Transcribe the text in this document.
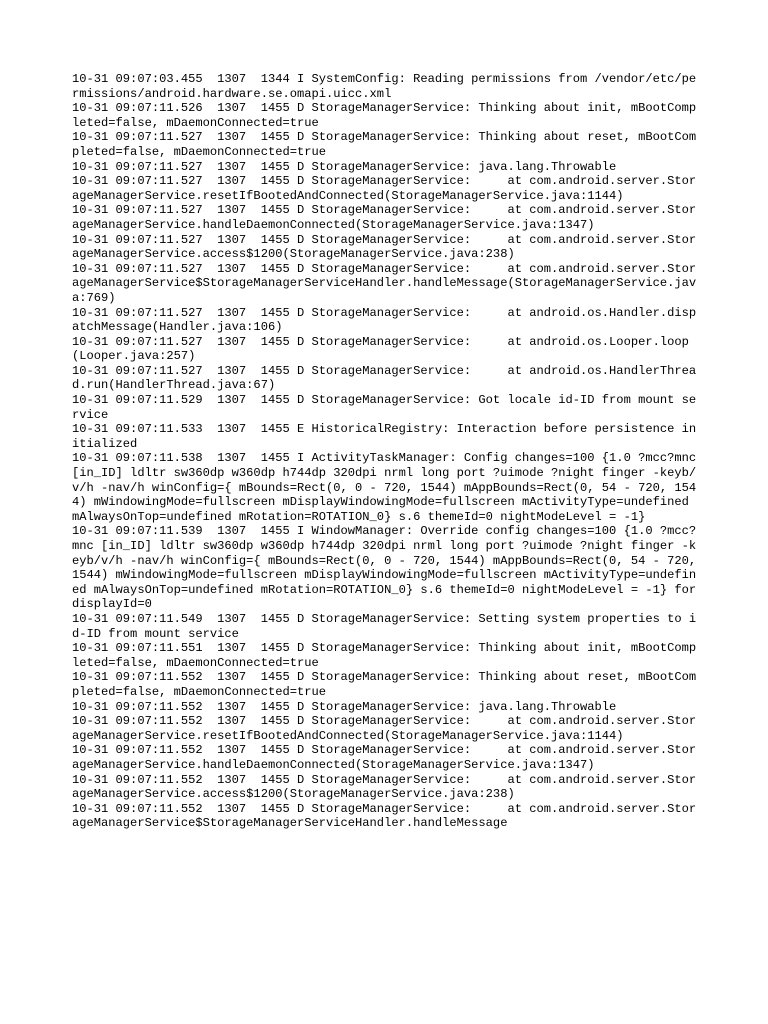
10-31 09:07:03.455  1307  1344 I SystemConfig: Reading permissions from /vendor/etc/permissions/android.hardware.se.omapi.uicc.xml
10-31 09:07:11.526  1307  1455 D StorageManagerService: Thinking about init, mBootCompleted=false, mDaemonConnected=true
10-31 09:07:11.527  1307  1455 D StorageManagerService: Thinking about reset, mBootCompleted=false, mDaemonConnected=true
10-31 09:07:11.527  1307  1455 D StorageManagerService: java.lang.Throwable
10-31 09:07:11.527  1307  1455 D StorageManagerService:     at com.android.server.StorageManagerService.resetIfBootedAndConnected(StorageManagerService.java:1144)
10-31 09:07:11.527  1307  1455 D StorageManagerService:     at com.android.server.StorageManagerService.handleDaemonConnected(StorageManagerService.java:1347)
10-31 09:07:11.527  1307  1455 D StorageManagerService:     at com.android.server.StorageManagerService.access$1200(StorageManagerService.java:238)
10-31 09:07:11.527  1307  1455 D StorageManagerService:     at com.android.server.StorageManagerService$StorageManagerServiceHandler.handleMessage(StorageManagerService.java:769)
10-31 09:07:11.527  1307  1455 D StorageManagerService:     at android.os.Handler.dispatchMessage(Handler.java:106)
10-31 09:07:11.527  1307  1455 D StorageManagerService:     at android.os.Looper.loop(Looper.java:257)
10-31 09:07:11.527  1307  1455 D StorageManagerService:     at android.os.HandlerThread.run(HandlerThread.java:67)
10-31 09:07:11.529  1307  1455 D StorageManagerService: Got locale id-ID from mount service
10-31 09:07:11.533  1307  1455 E HistoricalRegistry: Interaction before persistence initialized
10-31 09:07:11.538  1307  1455 I ActivityTaskManager: Config changes=100 {1.0 ?mcc?mnc [in_ID] ldltr sw360dp w360dp h744dp 320dpi nrml long port ?uimode ?night finger -keyb/v/h -nav/h winConfig={ mBounds=Rect(0, 0 - 720, 1544) mAppBounds=Rect(0, 54 - 720, 1544) mWindowingMode=fullscreen mDisplayWindowingMode=fullscreen mActivityType=undefined mAlwaysOnTop=undefined mRotation=ROTATION_0} s.6 themeId=0 nightModeLevel = -1}
10-31 09:07:11.539  1307  1455 I WindowManager: Override config changes=100 {1.0 ?mcc?mnc [in_ID] ldltr sw360dp w360dp h744dp 320dpi nrml long port ?uimode ?night finger -keyb/v/h -nav/h winConfig={ mBounds=Rect(0, 0 - 720, 1544) mAppBounds=Rect(0, 54 - 720, 1544) mWindowingMode=fullscreen mDisplayWindowingMode=fullscreen mActivityType=undefined mAlwaysOnTop=undefined mRotation=ROTATION_0} s.6 themeId=0 nightModeLevel = -1} for displayId=0
10-31 09:07:11.549  1307  1455 D StorageManagerService: Setting system properties to id-ID from mount service
10-31 09:07:11.551  1307  1455 D StorageManagerService: Thinking about init, mBootCompleted=false, mDaemonConnected=true
10-31 09:07:11.552  1307  1455 D StorageManagerService: Thinking about reset, mBootCompleted=false, mDaemonConnected=true
10-31 09:07:11.552  1307  1455 D StorageManagerService: java.lang.Throwable
10-31 09:07:11.552  1307  1455 D StorageManagerService:     at com.android.server.StorageManagerService.resetIfBootedAndConnected(StorageManagerService.java:1144)
10-31 09:07:11.552  1307  1455 D StorageManagerService:     at com.android.server.StorageManagerService.handleDaemonConnected(StorageManagerService.java:1347)
10-31 09:07:11.552  1307  1455 D StorageManagerService:     at com.android.server.StorageManagerService.access$1200(StorageManagerService.java:238)
10-31 09:07:11.552  1307  1455 D StorageManagerService:     at com.android.server.StorageManagerService$StorageManagerServiceHandler.handleMessage
